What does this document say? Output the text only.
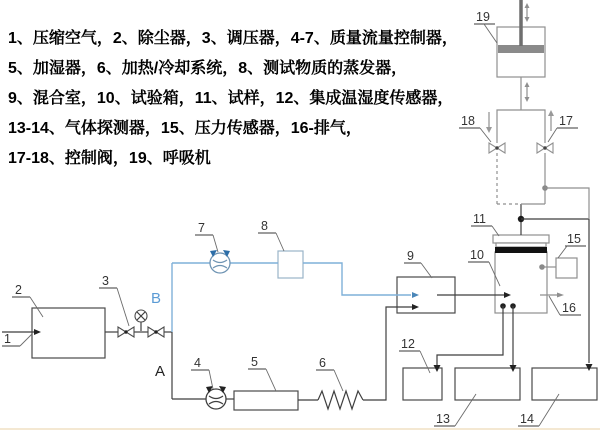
1、压缩空气，2、除尘器，3、调压器，4-7、质量流量控制器，
5、加湿器，6、加热/冷却系统，8、测试物质的蒸发器，
9、混合室，10、试验箱，11、试样，12、集成温湿度传感器，
13-14、气体探测器，15、压力传感器，16-排气，
17-18、控制阀，19、呼吸机
1
2
3
4	5	6
7	8
9	10
11
12
13	14
15
16
17
18
19
A
B
